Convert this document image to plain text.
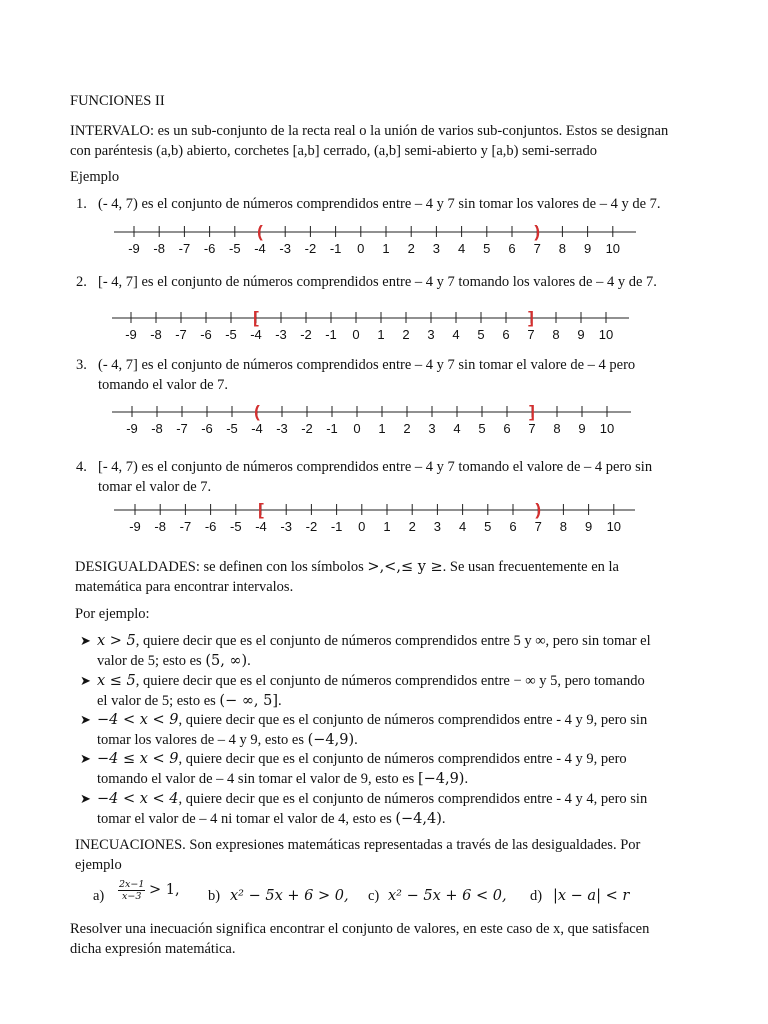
FUNCIONES II
INTERVALO: es un sub-conjunto de la recta real o la unión de varios sub-conjuntos. Estos se designan
con paréntesis (a,b) abierto, corchetes [a,b] cerrado, (a,b] semi-abierto y [a,b) semi-serrado
Ejemplo
1. (- 4, 7) es el conjunto de números comprendidos entre – 4 y 7 sin tomar los valores de – 4 y de 7.
-9 -8 -7 -6 -5 -4 -3 -2 -1 0 1 2 3 4 5 6 7 8 9 10
(	)
-9 -8 -7 -6 -5 -4 -3 -2 -1 0 1 2 3 4 5 6 7 8 9 10
[	]
-9 -8 -7 -6 -5 -4 -3 -2 -1 0 1 2 3 4 5 6 7 8 9 10
(	]
-9 -8 -7 -6 -5 -4 -3 -2 -1 0 1 2 3 4 5 6 7 8 9 10
[	)
2. [- 4, 7] es el conjunto de números comprendidos entre – 4 y 7 tomando los valores de – 4 y de 7.
3. (- 4, 7] es el conjunto de números comprendidos entre – 4 y 7 sin tomar el valore de – 4 pero
tomando el valor de 7.
4. [- 4, 7) es el conjunto de números comprendidos entre – 4 y 7 tomando el valore de – 4 pero sin
tomar el valor de 7.
DESIGUALDADES: se definen con los símbolos >,<,≤ y ≥. Se usan frecuentemente en la
matemática para encontrar intervalos.
Por ejemplo:
➤ x > 5, quiere decir que es el conjunto de números comprendidos entre 5 y ∞, pero sin tomar el
valor de 5; esto es (5, ∞).
➤ x ≤ 5, quiere decir que es el conjunto de números comprendidos entre − ∞ y 5, pero tomando
el valor de 5; esto es (− ∞, 5].
➤ −4 < x < 9, quiere decir que es el conjunto de números comprendidos entre - 4 y 9, pero sin
tomar los valores de – 4 y 9, esto es (−4,9).
➤ −4 ≤ x < 9, quiere decir que es el conjunto de números comprendidos entre - 4 y 9, pero
tomando el valor de – 4 sin tomar el valor de 9, esto es [−4,9).
➤ −4 < x < 4, quiere decir que es el conjunto de números comprendidos entre - 4 y 4, pero sin
tomar el valor de – 4 ni tomar el valor de 4, esto es (−4,4).
INECUACIONES. Son expresiones matemáticas representadas a través de las desigualdades. Por
ejemplo
$a) \frac{2x-1}{x-3} > 1$, b) x² − 5x + 6 > 0, c) x² − 5x + 6 < 0, d) |x − a| < r
Resolver una inecuación significa encontrar el conjunto de valores, en este caso de x, que satisfacen
dicha expresión matemática.
